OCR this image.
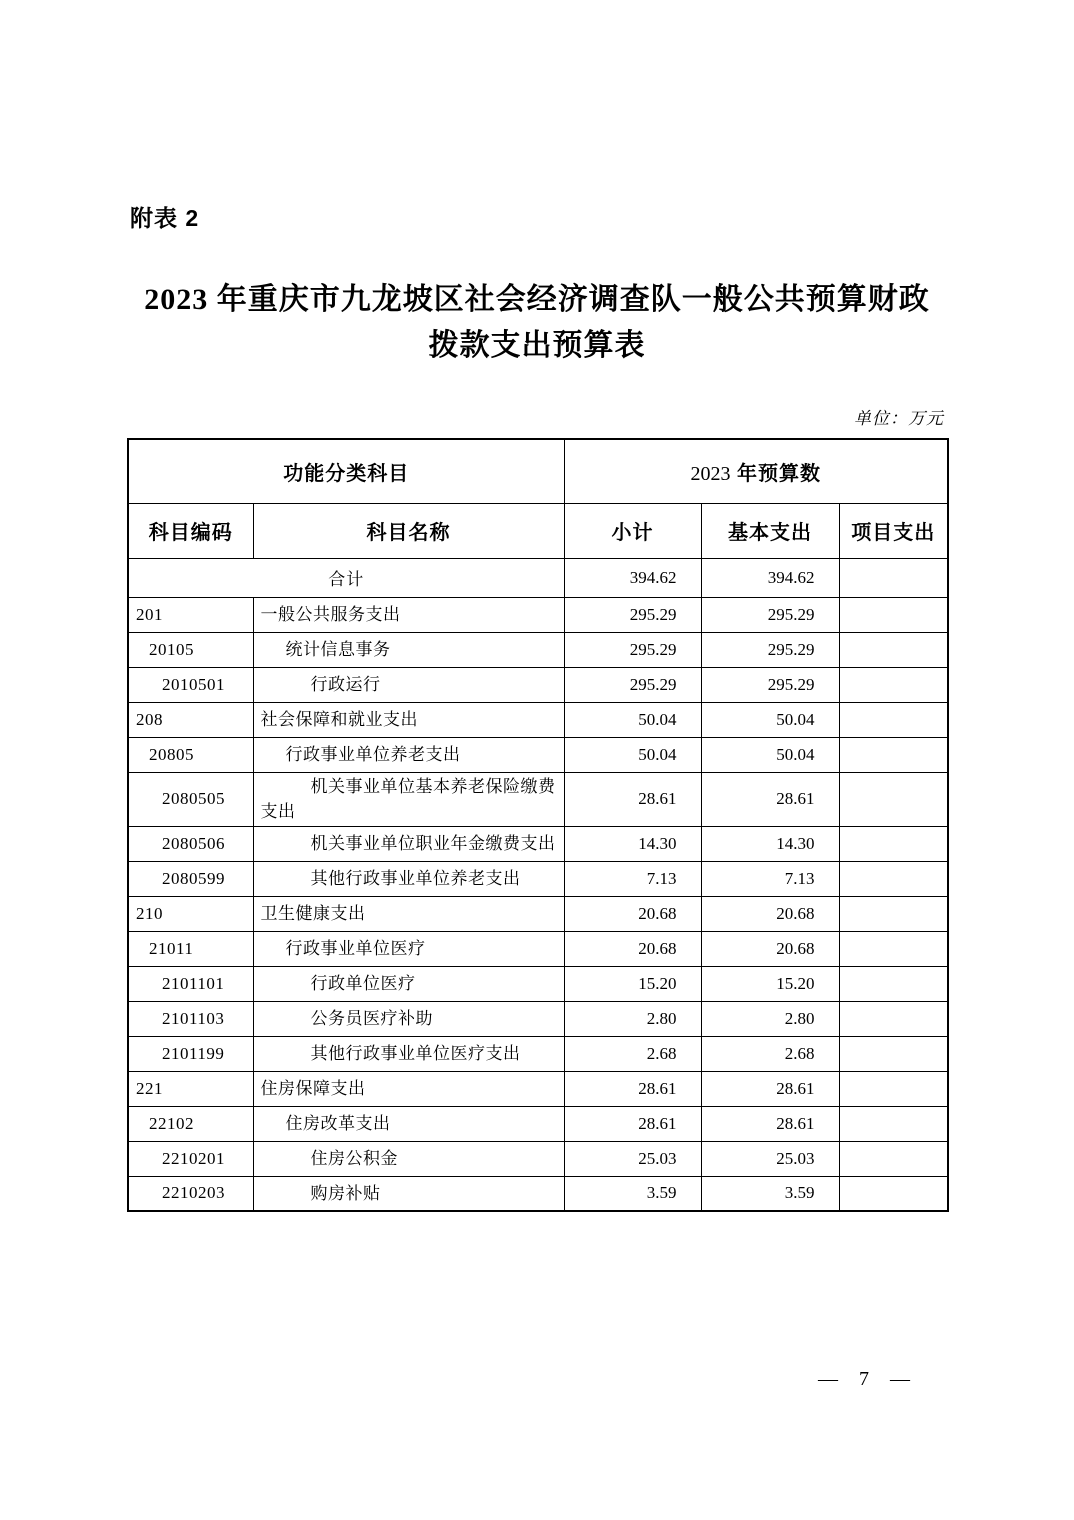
附表 2
2023 年重庆市九龙坡区社会经济调查队一般公共预算财政
拨款支出预算表
单位：万元
功能分类科目		2023 年预算数		
科目编码	科目名称	小计	基本支出	项目支出
合计		394.62	394.62	
201	一般公共服务支出	295.29	295.29	
20105	统计信息事务	295.29	295.29	
2010501	行政运行	295.29	295.29	
208	社会保障和就业支出	50.04	50.04	
20805	行政事业单位养老支出	50.04	50.04	
2080505	机关事业单位基本养老保险缴费支出	28.61	28.61	
2080506	机关事业单位职业年金缴费支出	14.30	14.30	
2080599	其他行政事业单位养老支出	7.13	7.13	
210	卫生健康支出	20.68	20.68	
21011	行政事业单位医疗	20.68	20.68	
2101101	行政单位医疗	15.20	15.20	
2101103	公务员医疗补助	2.80	2.80	
2101199	其他行政事业单位医疗支出	2.68	2.68	
221	住房保障支出	28.61	28.61	
22102	住房改革支出	28.61	28.61	
2210201	住房公积金	25.03	25.03	
2210203	购房补贴	3.59	3.59	
— 7 —
